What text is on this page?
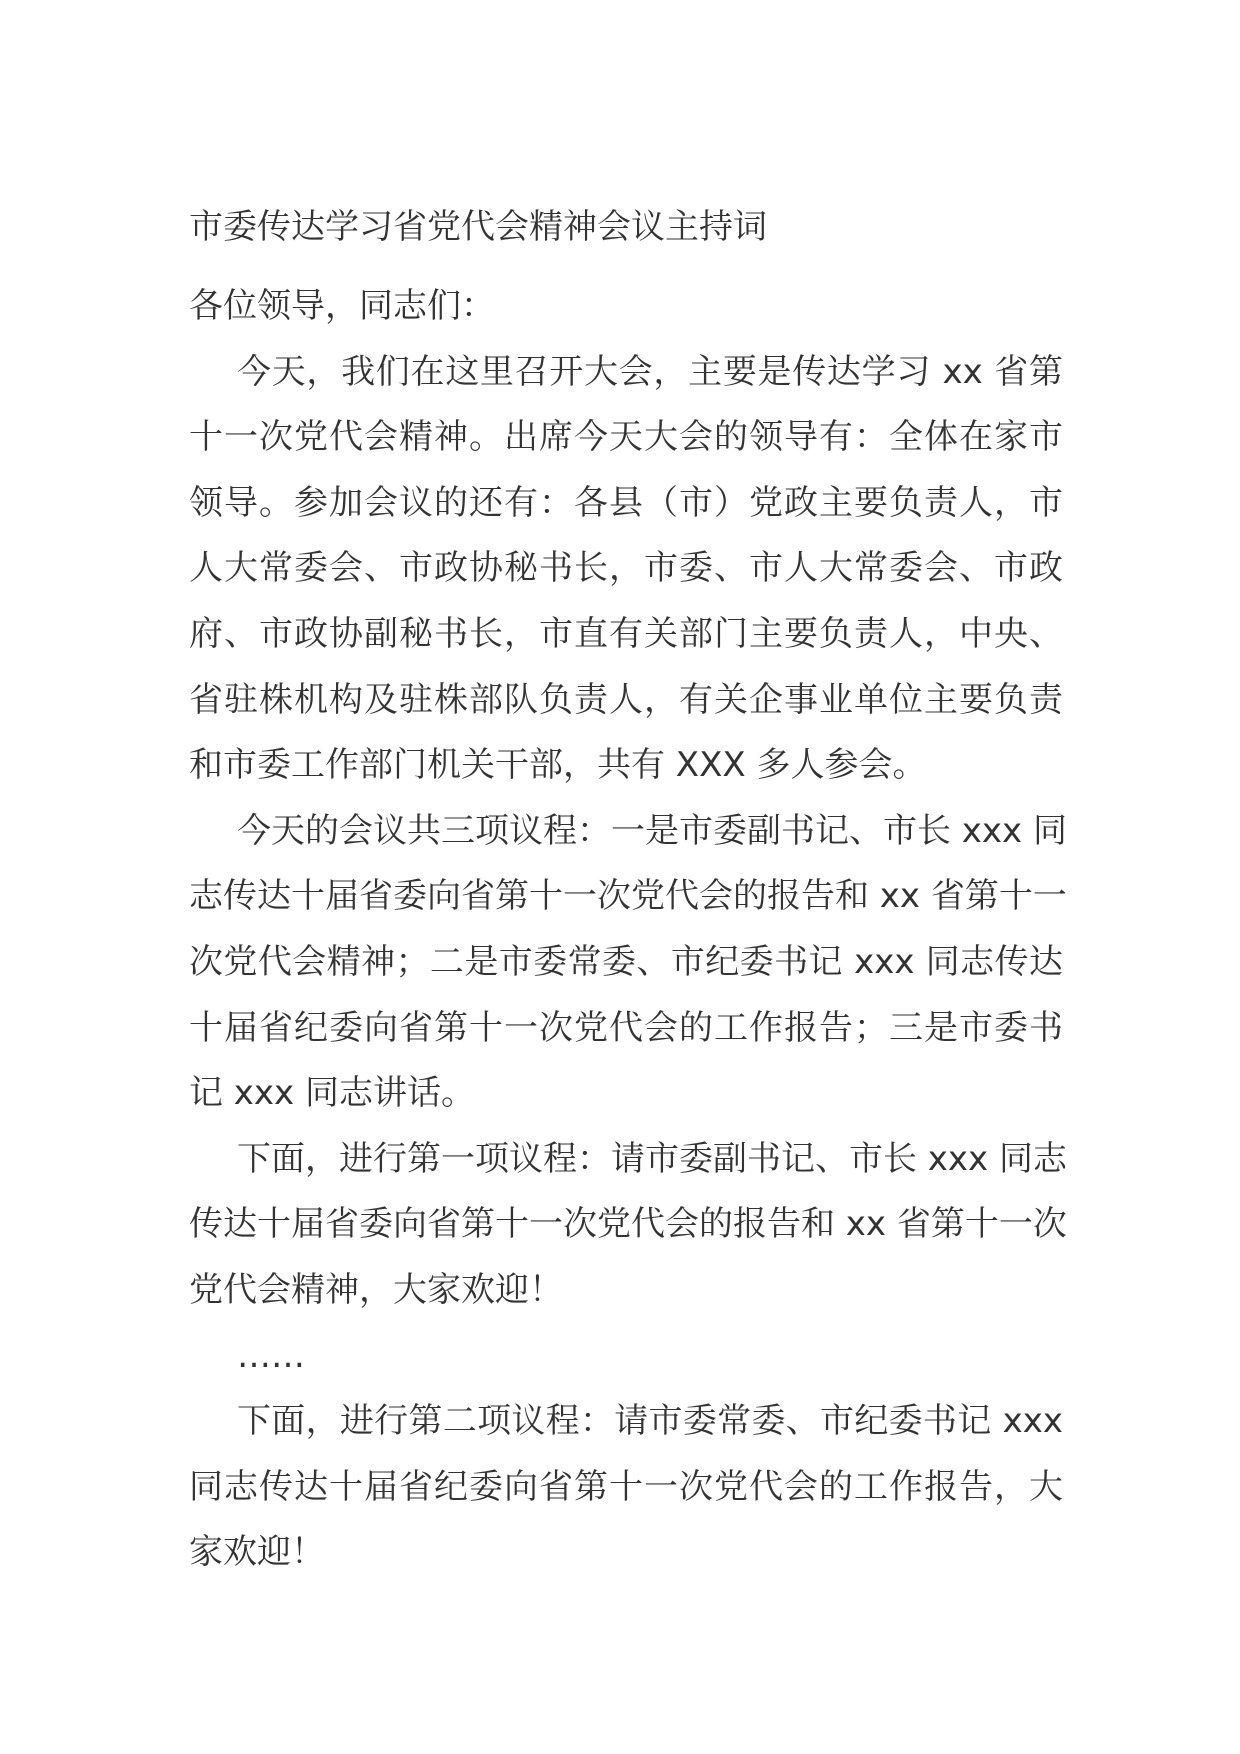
市委传达学习省党代会精神会议主持词
各位领导，同志们：
今天，我们在这里召开大会，主要是传达学习 xx 省第
十一次党代会精神。出席今天大会的领导有：全体在家市
领导。参加会议的还有：各县（市）党政主要负责人，市
人大常委会、市政协秘书长，市委、市人大常委会、市政
府、市政协副秘书长，市直有关部门主要负责人，中央、
省驻株机构及驻株部队负责人，有关企事业单位主要负责
和市委工作部门机关干部，共有 XXX 多人参会。
今天的会议共三项议程：一是市委副书记、市长 xxx 同
志传达十届省委向省第十一次党代会的报告和 xx 省第十一
次党代会精神；二是市委常委、市纪委书记 xxx 同志传达
十届省纪委向省第十一次党代会的工作报告；三是市委书
记 xxx 同志讲话。
下面，进行第一项议程：请市委副书记、市长 xxx 同志
传达十届省委向省第十一次党代会的报告和 xx 省第十一次
党代会精神，大家欢迎！
……
下面，进行第二项议程：请市委常委、市纪委书记 xxx
同志传达十届省纪委向省第十一次党代会的工作报告，大
家欢迎！
